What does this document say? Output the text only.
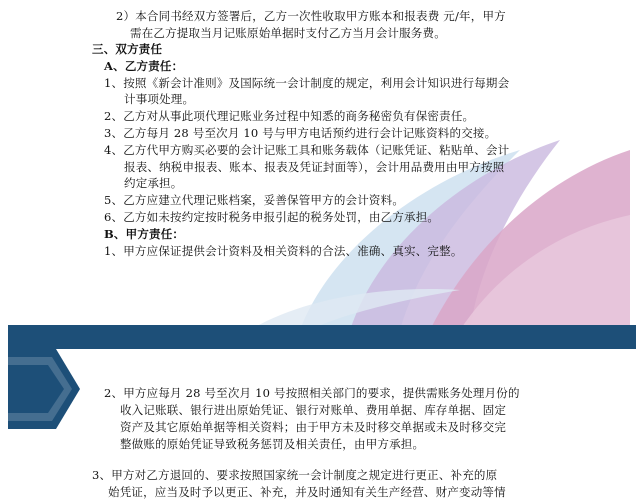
2）本合同书经双方签署后，乙方一次性收取甲方账本和报表费 元/年，甲方
需在乙方提取当月记账原始单据时支付乙方当月会计服务费。
三、双方责任
A、乙方责任：
1、按照《新会计准则》及国际统一会计制度的规定，利用会计知识进行每期会
计事项处理。
2、乙方对从事此项代理记账业务过程中知悉的商务秘密负有保密责任。
3、乙方每月 28 号至次月 10 号与甲方电话预约进行会计记账资料的交接。
4、乙方代甲方购买必要的会计记账工具和账务载体（记账凭证、粘贴单、会计
报表、纳税申报表、账本、报表及凭证封面等），会计用品费用由甲方按照
约定承担。
5、乙方应建立代理记账档案，妥善保管甲方的会计资料。
6、乙方如未按约定按时税务申报引起的税务处罚，由乙方承担。
B、甲方责任：
1、甲方应保证提供会计资料及相关资料的合法、准确、真实、完整。
2、甲方应每月 28 号至次月 10 号按照相关部门的要求，提供需账务处理月份的
收入记账联、银行进出原始凭证、银行对账单、费用单据、库存单据、固定
资产及其它原始单据等相关资料；由于甲方未及时移交单据或未及时移交完
整做账的原始凭证导致税务惩罚及相关责任，由甲方承担。
3、甲方对乙方退回的、要求按照国家统一会计制度之规定进行更正、补充的原
始凭证，应当及时予以更正、补充，并及时通知有关生产经营、财产变动等情
